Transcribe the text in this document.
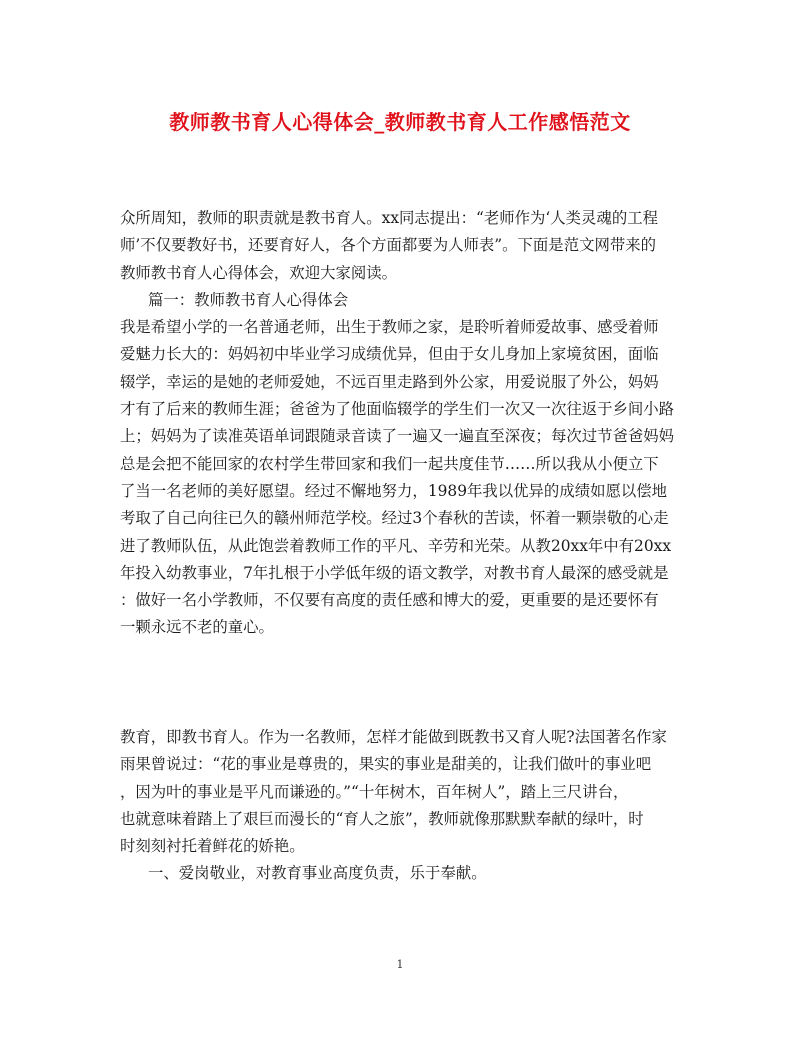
教师教书育人心得体会_教师教书育人工作感悟范文
众所周知，教师的职责就是教书育人。xx同志提出：“老师作为‘人类灵魂的工程
师’不仅要教好书，还要育好人，各个方面都要为人师表”。下面是范文网带来的
教师教书育人心得体会，欢迎大家阅读。
篇一：教师教书育人心得体会
我是希望小学的一名普通老师，出生于教师之家，是聆听着师爱故事、感受着师
爱魅力长大的：妈妈初中毕业学习成绩优异，但由于女儿身加上家境贫困，面临
辍学，幸运的是她的老师爱她，不远百里走路到外公家，用爱说服了外公，妈妈
才有了后来的教师生涯；爸爸为了他面临辍学的学生们一次又一次往返于乡间小路
上；妈妈为了读准英语单词跟随录音读了一遍又一遍直至深夜；每次过节爸爸妈妈
总是会把不能回家的农村学生带回家和我们一起共度佳节……所以我从小便立下
了当一名老师的美好愿望。经过不懈地努力，1989年我以优异的成绩如愿以偿地
考取了自己向往已久的赣州师范学校。经过3个春秋的苦读，怀着一颗崇敬的心走
进了教师队伍，从此饱尝着教师工作的平凡、辛劳和光荣。从教20xx年中有20xx
年投入幼教事业，7年扎根于小学低年级的语文教学，对教书育人最深的感受就是
：做好一名小学教师，不仅要有高度的责任感和博大的爱，更重要的是还要怀有
一颗永远不老的童心。
教育，即教书育人。作为一名教师，怎样才能做到既教书又育人呢?法国著名作家
雨果曾说过：“花的事业是尊贵的，果实的事业是甜美的，让我们做叶的事业吧
，因为叶的事业是平凡而谦逊的。”“十年树木，百年树人”，踏上三尺讲台，
也就意味着踏上了艰巨而漫长的“育人之旅”，教师就像那默默奉献的绿叶，时
时刻刻衬托着鲜花的娇艳。
一、爱岗敬业，对教育事业高度负责，乐于奉献。
1
